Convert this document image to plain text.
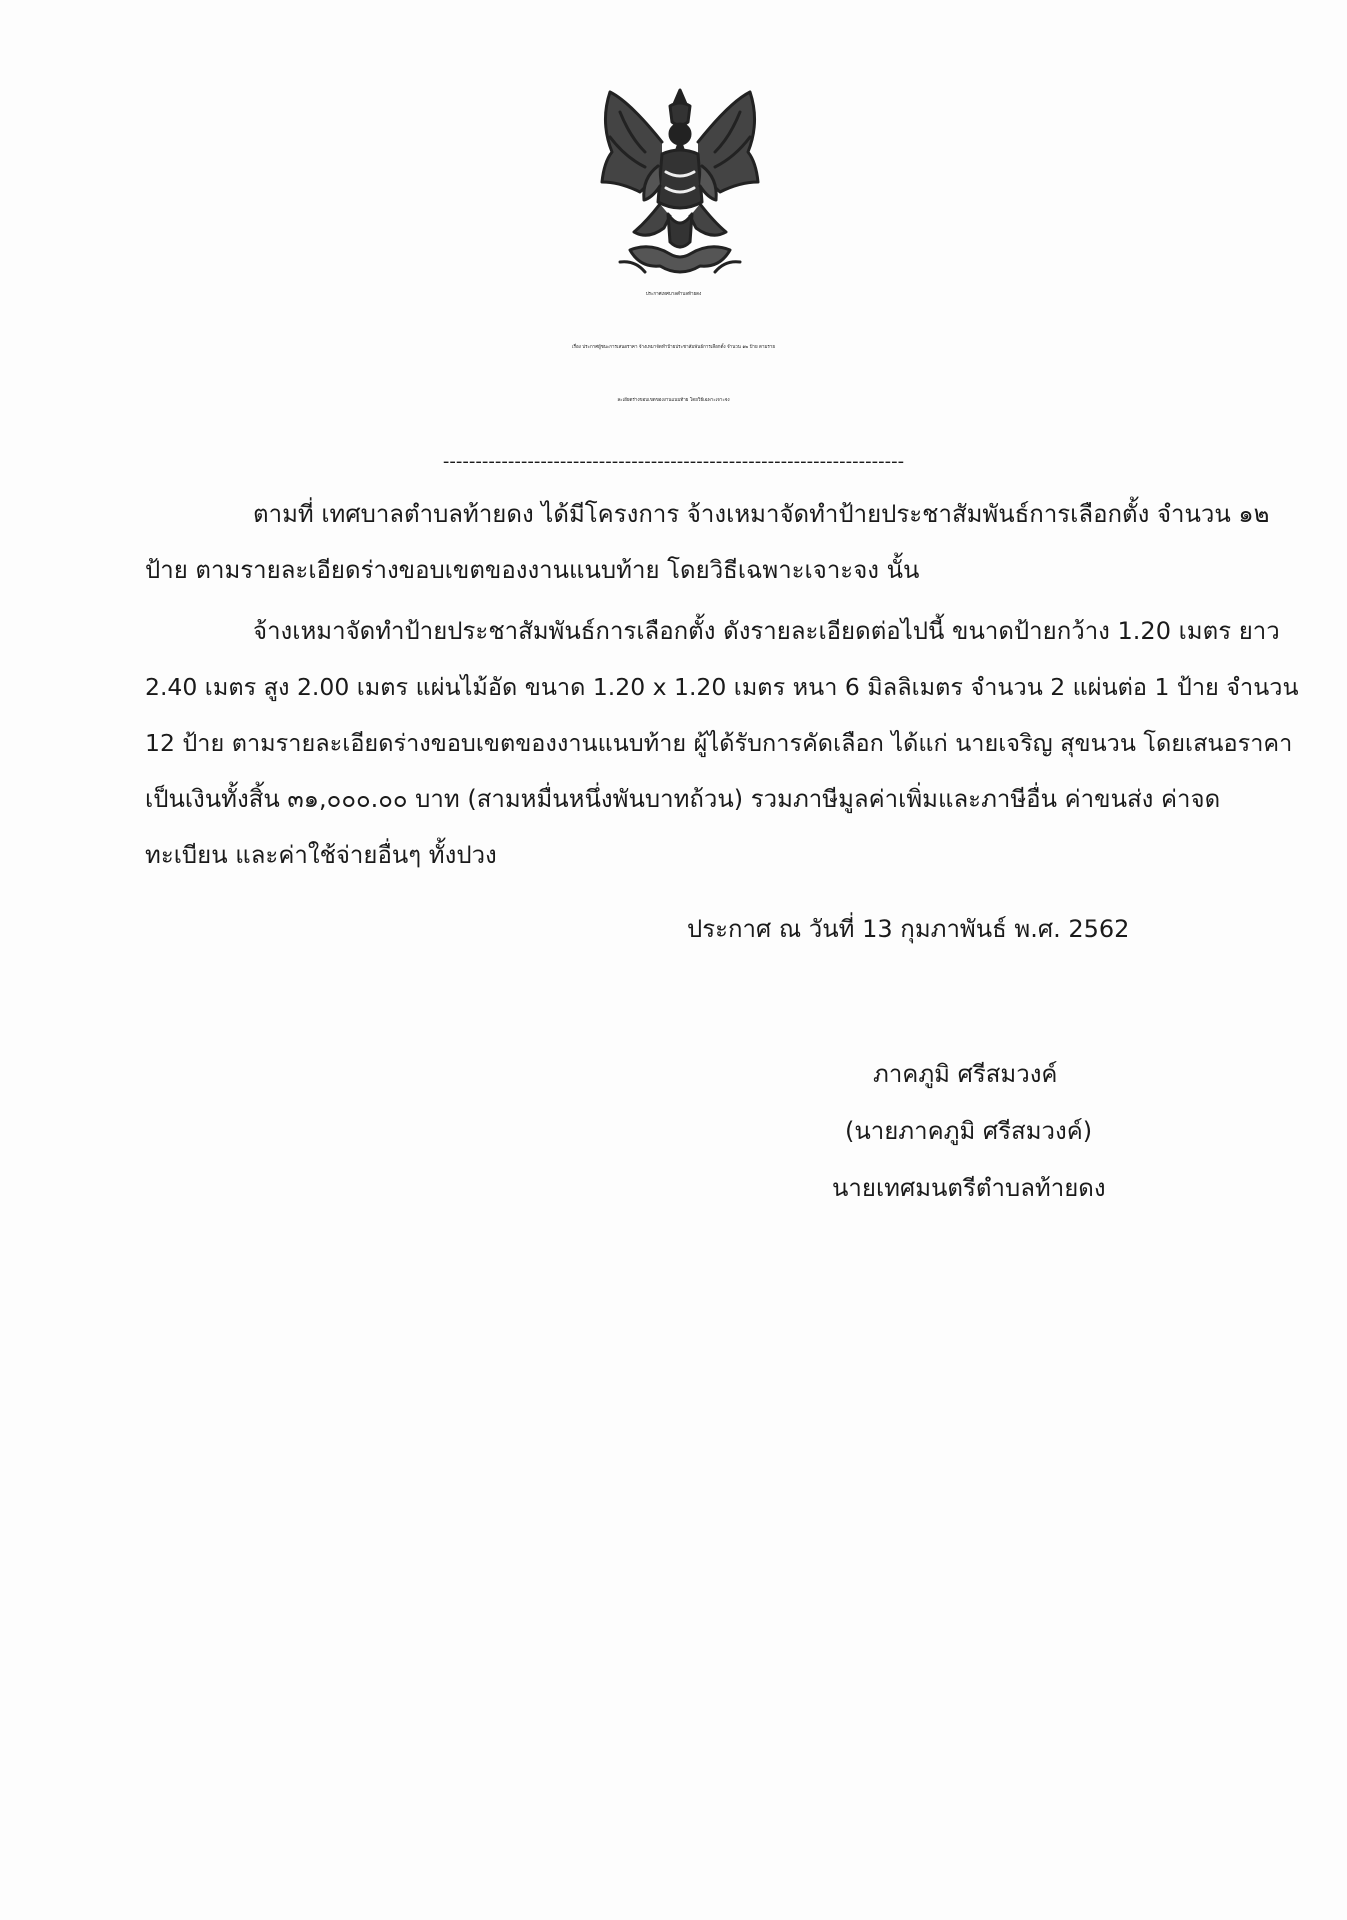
ประกาศเทศบาลตำบลท้ายดง
เรื่อง ประกาศผู้ชนะการเสนอราคา จ้างเหมาจัดทำป้ายประชาสัมพันธ์การเลือกตั้ง จำนวน ๑๒ ป้าย ตามราย
ละเอียดร่างขอบเขตของงานแนบท้าย โดยวิธีเฉพาะเจาะจง
-----------------------------------------------------------------------
ตามที่ เทศบาลตำบลท้ายดง ได้มีโครงการ จ้างเหมาจัดทำป้ายประชาสัมพันธ์การเลือกตั้ง จำนวน ๑๒
ป้าย ตามรายละเอียดร่างขอบเขตของงานแนบท้าย โดยวิธีเฉพาะเจาะจง นั้น
จ้างเหมาจัดทำป้ายประชาสัมพันธ์การเลือกตั้ง ดังรายละเอียดต่อไปนี้ ขนาดป้ายกว้าง 1.20 เมตร ยาว
2.40 เมตร สูง 2.00 เมตร แผ่นไม้อัด ขนาด 1.20 x 1.20 เมตร หนา 6 มิลลิเมตร จำนวน 2 แผ่นต่อ 1 ป้าย จำนวน
12 ป้าย ตามรายละเอียดร่างขอบเขตของงานแนบท้าย ผู้ได้รับการคัดเลือก ได้แก่ นายเจริญ สุขนวน โดยเสนอราคา
เป็นเงินทั้งสิ้น ๓๑,๐๐๐.๐๐ บาท (สามหมื่นหนึ่งพันบาทถ้วน) รวมภาษีมูลค่าเพิ่มและภาษีอื่น ค่าขนส่ง ค่าจด
ทะเบียน และค่าใช้จ่ายอื่นๆ ทั้งปวง
ประกาศ ณ วันที่ 13 กุมภาพันธ์ พ.ศ. 2562
ภาคภูมิ ศรีสมวงค์
(นายภาคภูมิ ศรีสมวงค์)
นายเทศมนตรีตำบลท้ายดง
